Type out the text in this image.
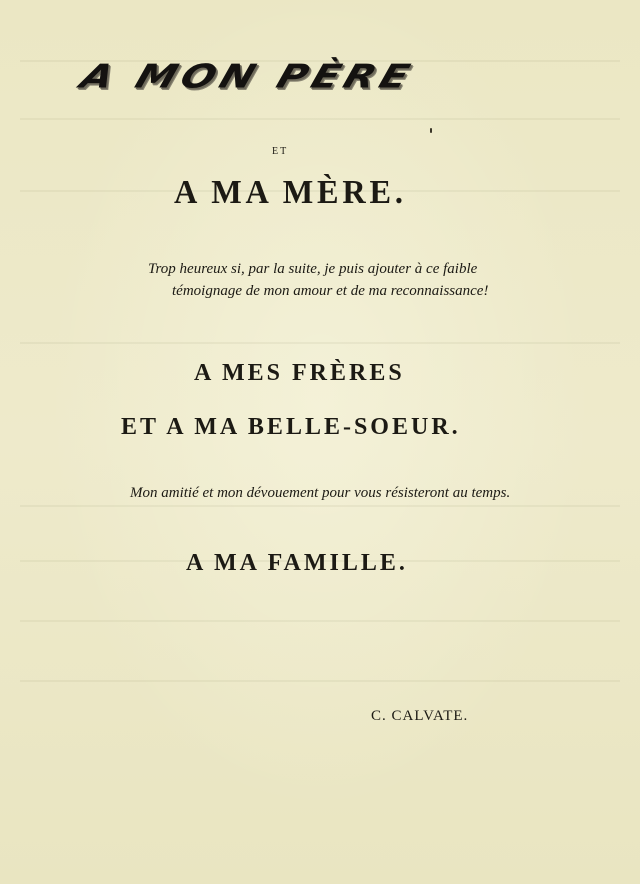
A MON PÈRE
ET
A MA MÈRE.
Trop heureux si, par la suite, je puis ajouter à ce faible
témoignage de mon amour et de ma reconnaissance!
A MES FRÈRES
ET A MA BELLE-SOEUR.
Mon amitié et mon dévouement pour vous résisteront au temps.
A MA FAMILLE.
C. CALVATE.
